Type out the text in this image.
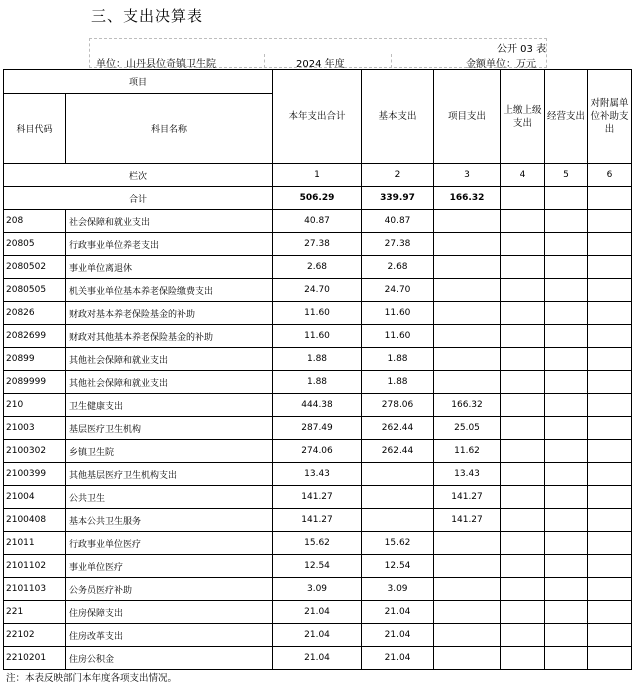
三、支出决算表
公开 03 表
单位：山丹县位奇镇卫生院	2024 年度	金额单位：万元
项目		本年支出合计	基本支出	项目支出	上缴上级支出	经营支出	对附属单位补助支出
科目代码	科目名称						
栏次		1	2	3	4	5	6
合计		506.29	339.97	166.32			
208	社会保障和就业支出	40.87	40.87				
20805	行政事业单位养老支出	27.38	27.38				
2080502	事业单位离退休	2.68	2.68				
2080505	机关事业单位基本养老保险缴费支出	24.70	24.70				
20826	财政对基本养老保险基金的补助	11.60	11.60				
2082699	财政对其他基本养老保险基金的补助	11.60	11.60				
20899	其他社会保障和就业支出	1.88	1.88				
2089999	其他社会保障和就业支出	1.88	1.88				
210	卫生健康支出	444.38	278.06	166.32			
21003	基层医疗卫生机构	287.49	262.44	25.05			
2100302	乡镇卫生院	274.06	262.44	11.62			
2100399	其他基层医疗卫生机构支出	13.43		13.43			
21004	公共卫生	141.27		141.27			
2100408	基本公共卫生服务	141.27		141.27			
21011	行政事业单位医疗	15.62	15.62				
2101102	事业单位医疗	12.54	12.54				
2101103	公务员医疗补助	3.09	3.09				
221	住房保障支出	21.04	21.04				
22102	住房改革支出	21.04	21.04				
2210201	住房公积金	21.04	21.04				
注：本表反映部门本年度各项支出情况。
